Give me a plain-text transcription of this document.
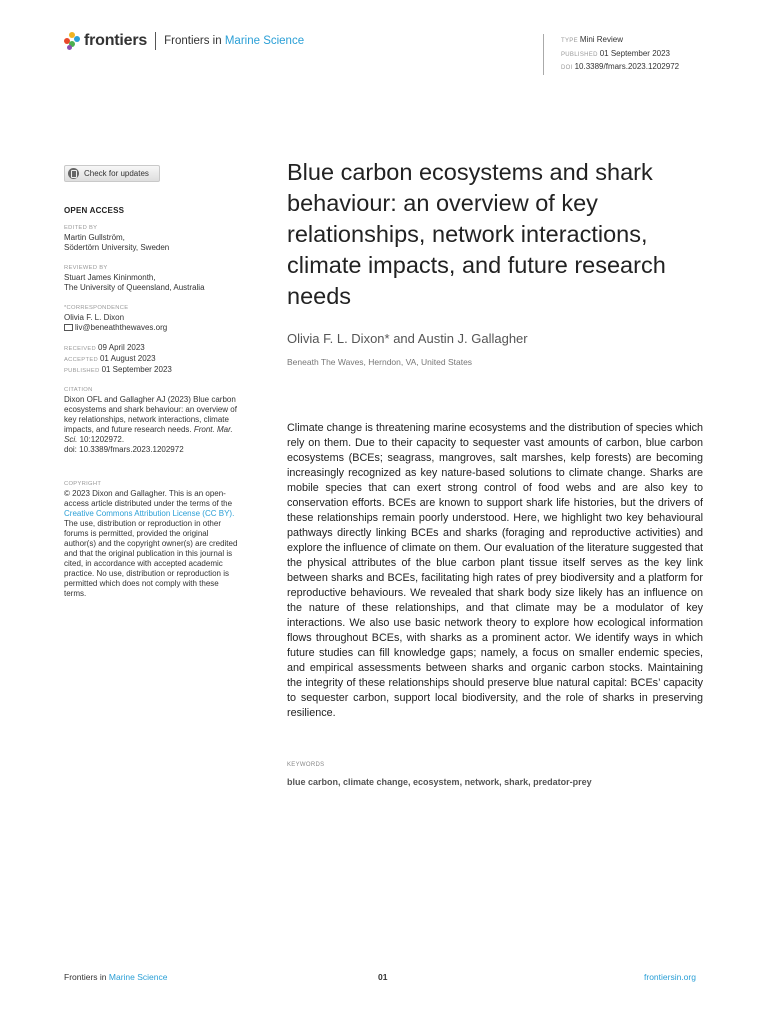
frontiers Frontiers in Marine Science	TYPE Mini Review
PUBLISHED 01 September 2023
DOI 10.3389/fmars.2023.1202972
Check for updates
OPEN ACCESS
EDITED BY
Martin Gullström,
Södertörn University, Sweden
REVIEWED BY
Stuart James Kininmonth,
The University of Queensland, Australia
*CORRESPONDENCE
Olivia F. L. Dixon
liv@beneaththewaves.org
RECEIVED 09 April 2023
ACCEPTED 01 August 2023
PUBLISHED 01 September 2023
CITATION
Dixon OFL and Gallagher AJ (2023) Blue carbon ecosystems and shark behaviour: an overview of key relationships, network interactions, climate impacts, and future research needs. Front. Mar. Sci. 10:1202972.
doi: 10.3389/fmars.2023.1202972
COPYRIGHT
© 2023 Dixon and Gallagher. This is an open-access article distributed under the terms of the Creative Commons Attribution License (CC BY). The use, distribution or reproduction in other forums is permitted, provided the original author(s) and the copyright owner(s) are credited and that the original publication in this journal is cited, in accordance with accepted academic practice. No use, distribution or reproduction is permitted which does not comply with these terms.
Blue carbon ecosystems and shark behaviour: an overview of key relationships, network interactions, climate impacts, and future research needs
Olivia F. L. Dixon* and Austin J. Gallagher
Beneath The Waves, Herndon, VA, United States
Climate change is threatening marine ecosystems and the distribution of species which rely on them. Due to their capacity to sequester vast amounts of carbon, blue carbon ecosystems (BCEs; seagrass, mangroves, salt marshes, kelp forests) are becoming increasingly recognized as key nature-based solutions to climate change. Sharks are mobile species that can exert strong control of food webs and are also key to conservation efforts. BCEs are known to support shark life histories, but the drivers of these relationships remain poorly understood. Here, we highlight two key behavioural pathways directly linking BCEs and sharks (foraging and reproductive activities) and explore the influence of climate on them. Our evaluation of the literature suggested that the physical attributes of the blue carbon plant tissue itself serves as the key link between sharks and BCEs, facilitating high rates of prey biodiversity and a platform for reproductive behaviours. We revealed that shark body size likely has an influence on the nature of these relationships, and that climate may be a modulator of key interactions. We also use basic network theory to explore how ecological information flows throughout BCEs, with sharks as a prominent actor. We identify ways in which future studies can fill knowledge gaps; namely, a focus on smaller endemic species, and empirical assessments between sharks and organic carbon stocks. Maintaining the integrity of these relationships should preserve blue natural capital: BCEs’ capacity to sequester carbon, support local biodiversity, and the role of sharks in preserving resilience.
KEYWORDS
blue carbon, climate change, ecosystem, network, shark, predator-prey
Frontiers in Marine Science	01	frontiersin.org
